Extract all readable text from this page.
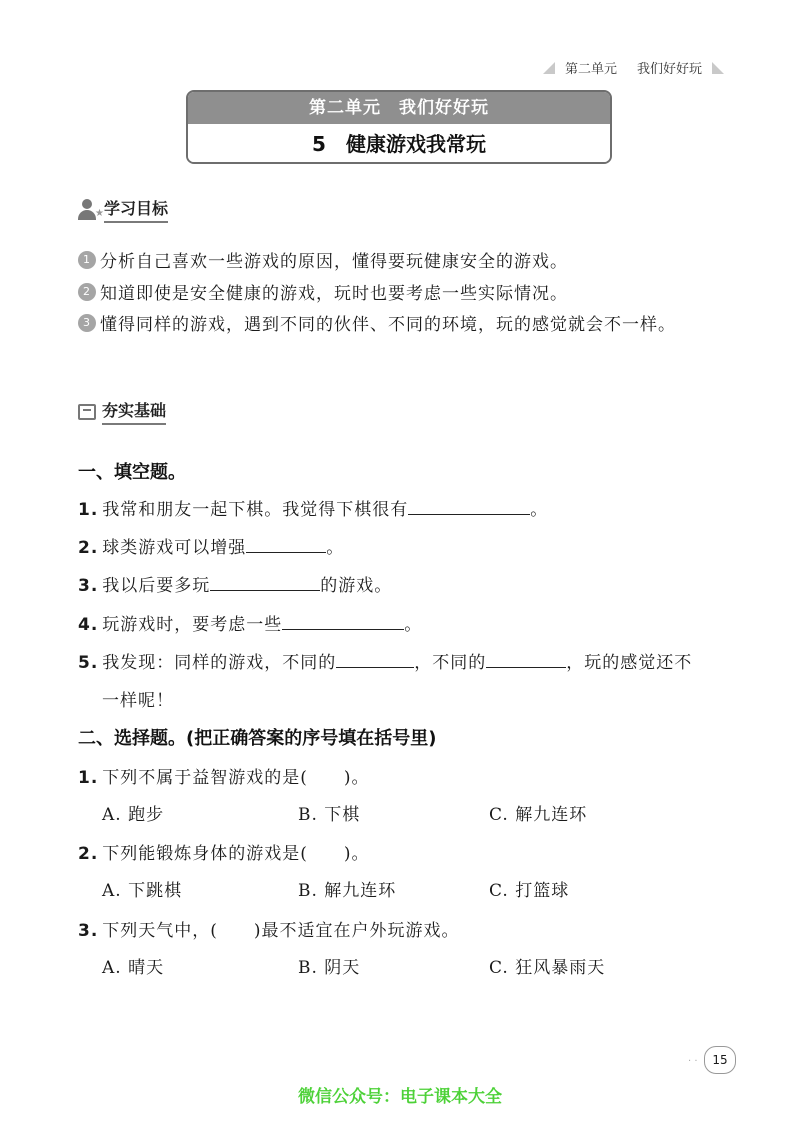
第二单元 我们好好玩
第二单元　我们好好玩
5 健康游戏我常玩
★ 学习目标
1 分析自己喜欢一些游戏的原因，懂得要玩健康安全的游戏。
2 知道即使是安全健康的游戏，玩时也要考虑一些实际情况。
3 懂得同样的游戏，遇到不同的伙伴、不同的环境，玩的感觉就会不一样。
夯实基础
一、填空题。
1. 我常和朋友一起下棋。我觉得下棋很有	。
2. 球类游戏可以增强	。
3. 我以后要多玩	的游戏。
4. 玩游戏时，要考虑一些	。
5. 我发现：同样的游戏，不同的	，不同的	，玩的感觉还不
一样呢！
二、选择题。(把正确答案的序号填在括号里)
1. 下列不属于益智游戏的是(　　)。
A. 跑步	B. 下棋	C. 解九连环
2. 下列能锻炼身体的游戏是(　　)。
A. 下跳棋	B. 解九连环	C. 打篮球
3. 下列天气中，(　　)最不适宜在户外玩游戏。
A. 晴天	B. 阴天	C. 狂风暴雨天
· ·	15
微信公众号：电子课本大全
